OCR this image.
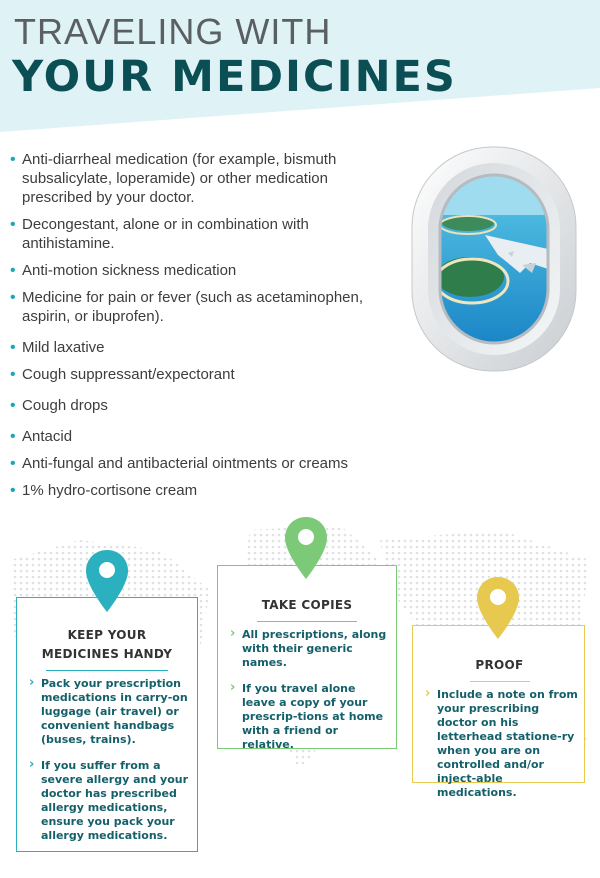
TRAVELING WITH
YOUR MEDICINES
• Anti-diarrheal medication (for example, bismuth subsalicylate, loperamide) or other medication prescribed by your doctor.
• Decongestant, alone or in combination with antihistamine.
• Anti-motion sickness medication
• Medicine for pain or fever (such as acetaminophen, aspirin, or ibuprofen).
• Mild laxative
• Cough suppressant/expectorant
• Cough drops
• Antacid
• Anti-fungal and antibacterial ointments or creams
• 1% hydro-cortisone cream
KEEP YOUR
MEDICINES HANDY
› Pack your prescription medications in carry-on luggage (air travel) or convenient handbags (buses, trains).
› If you suffer from a severe allergy and your doctor has prescribed allergy medications, ensure you pack your allergy medications.
TAKE COPIES
› All prescriptions, along with their generic names.
› If you travel alone leave a copy of your prescrip-tions at home with a friend or relative.
PROOF
› Include a note on from your prescribing doctor on his letterhead statione-ry when you are on controlled and/or inject-able medications.
